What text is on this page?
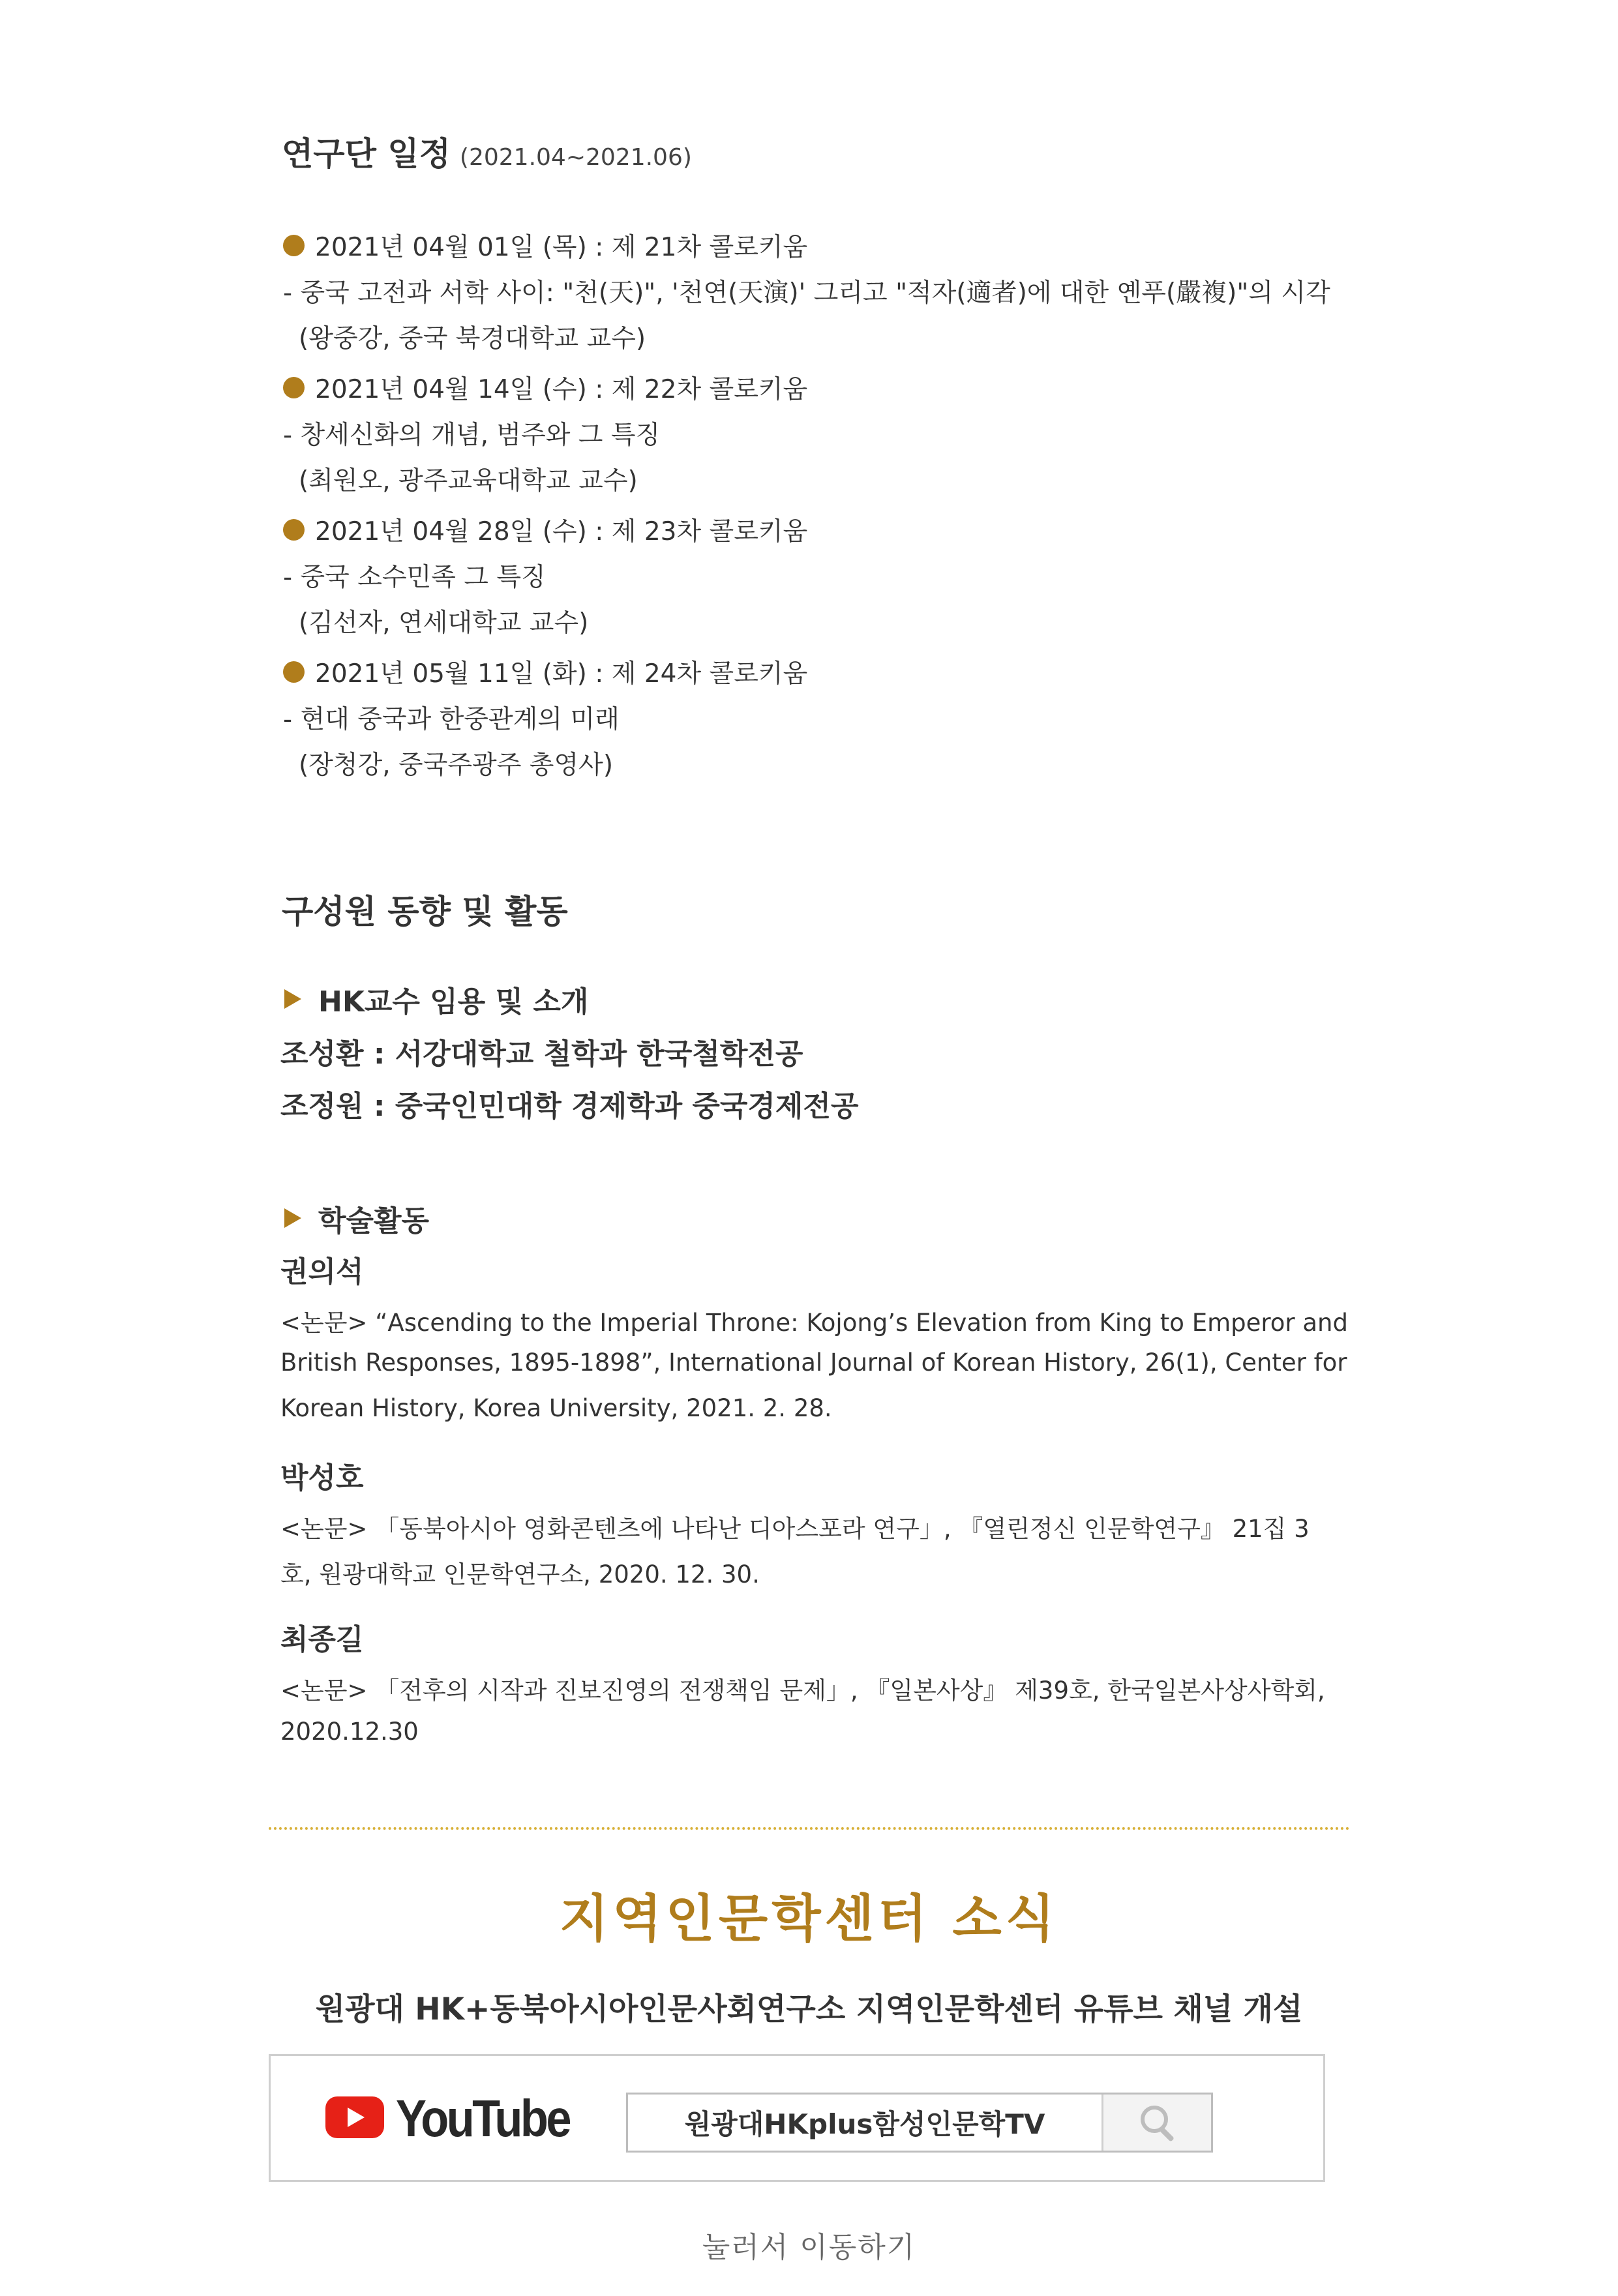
연구단 일정 (2021.04~2021.06)
2021년 04월 01일 (목) : 제 21차 콜로키움
- 중국 고전과 서학 사이: "천(天)", '천연(天演)' 그리고 "적자(適者)에 대한 옌푸(嚴複)"의 시각
(왕중강, 중국 북경대학교 교수)
2021년 04월 14일 (수) : 제 22차 콜로키움
- 창세신화의 개념, 범주와 그 특징
(최원오, 광주교육대학교 교수)
2021년 04월 28일 (수) : 제 23차 콜로키움
- 중국 소수민족 그 특징
(김선자, 연세대학교 교수)
2021년 05월 11일 (화) : 제 24차 콜로키움
- 현대 중국과 한중관계의 미래
(장청강, 중국주광주 총영사)
구성원 동향 및 활동
HK교수 임용 및 소개
조성환 : 서강대학교 철학과 한국철학전공
조정원 : 중국인민대학 경제학과 중국경제전공
학술활동
권의석
<논문> “Ascending to the Imperial Throne: Kojong’s Elevation from King to Emperor and
British Responses, 1895-1898”, International Journal of Korean History, 26(1), Center for
Korean History, Korea University, 2021. 2. 28.
박성호
<논문> 「동북아시아 영화콘텐츠에 나타난 디아스포라 연구」, 『열린정신 인문학연구』 21집 3
호, 원광대학교 인문학연구소, 2020. 12. 30.
최종길
<논문> 「전후의 시작과 진보진영의 전쟁책임 문제」, 『일본사상』 제39호, 한국일본사상사학회,
2020.12.30
지역인문학센터 소식
원광대 HK+동북아시아인문사회연구소 지역인문학센터 유튜브 채널 개설
YouTube	원광대HKplus함성인문학TV
눌러서 이동하기
